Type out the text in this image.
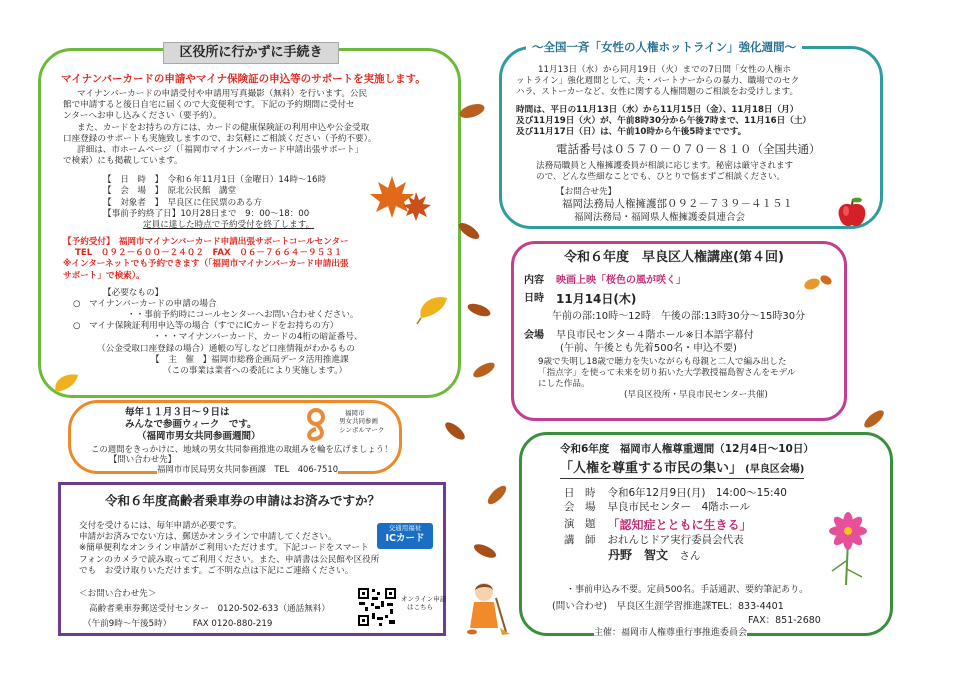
区役所に行かずに手続き
マイナンバーカードの申請やマイナ保険証の申込等のサポートを実施します。
マイナンバーカードの申請受付や申請用写真撮影（無料）を行います。公民
館で申請すると後日自宅に届くので大変便利です。下記の予約期間に受付セ
ンターへお申し込みください（要予約）。
また、カードをお持ちの方には、カードの健康保険証の利用申込や公金受取
口座登録のサポートも実施致しますので、お気軽にご相談ください（予約不要）。
詳細は、市ホームページ（「福岡市マイナンバーカード申請出張サポート」
で検索）にも掲載しています。
【　日　時　】　令和６年11月1日（金曜日）14時～16時
【　会　場　】　原北公民館　講堂
【　対象者　】　早良区に住民票のある方
【事前予約終了日】10月28日まで　9：00～18：00
定員に達した時点で予約受付を終了します。
【予約受付】　福岡市マイナンバーカード申請出張サポートコールセンター
TEL　０９２－６００－２４０２　FAX　０６－７６６４－９５３１
※インターネットでも予約できます（「福岡市マイナンバーカード申請出張
サポート」で検索）。
【必要なもの】
○　マイナンバーカードの申請の場合
・・事前予約時にコールセンターへお問い合わせください。
○　マイナ保険証利用申込等の場合（すでにICカードをお持ちの方）
・・・マイナンバーカード、カードの4桁の暗証番号、
（公金受取口座登録の場合）通帳の写しなど口座情報がわかるもの
【　主　催　】福岡市総務企画局データ活用推進課
（この事業は業者への委託により実施します。）
～全国一斉「女性の人権ホットライン」強化週間～
11月13日（水）から同月19日（火）までの7日間「女性の人権ホ
ットライン」強化週間として、夫・パートナーからの暴力、職場でのセク
ハラ、ストーカーなど、女性に関する人権問題のご相談をお受けします。
時間は、平日の11月13日（水）から11月15日（金）、11月18日（月）
及び11月19日（火）が、午前8時30分から午後7時まで、11月16日（土）
及び11月17日（日）は、午前10時から午後5時までです。
電話番号は０５７０－０７０－８１０（全国共通）
法務局職員と人権擁護委員が相談に応じます。秘密は厳守されます
ので、どんな些細なことでも、ひとりで悩まずご相談ください。
【お問合せ先】
福岡法務局人権擁護部０９２－７３９－４１５１
福岡法務局・福岡県人権擁護委員連合会
令和６年度　早良区人権講座(第４回)
内容 映画上映「桜色の風が咲く」
日時 11月14日(木)
午前の部:10時～12時　午後の部:13時30分～15時30分
会場 早良市民センター４階ホール※日本語字幕付
(午前、午後とも先着500名・申込不要)
9歳で失明し18歳で聴力を失いながらも母親と二人で編み出した
「指点字」を使って未来を切り拓いた大学教授福島智さんをモデル
にした作品。
(早良区役所・早良市民センター共催)
令和6年度　福岡市人権尊重週間（12月4日～10日）
「人権を尊重する市民の集い」 (早良区会場)
日　時 令和6年12月9日(月)　14:00～15:40
会　場 早良市民センター　4階ホール
演　題 「認知症とともに生きる」
講　師 おれんじドア実行委員会代表
丹野　智文 さん
・事前申込み不要。定員500名。手話通訳、要約筆記あり。
(問い合わせ)　早良区生涯学習推進課TEL：833-4401
FAX：851-2680
主催：福岡市人権尊重行事推進委員会
毎年１１月３日～９日は
みんなで参画ウィーク　です。
（福岡市男女共同参画週間）
この週間をきっかけに、地域の男女共同参画推進の取組みを輪を広げましょう！
【問い合わせ先】
福岡市市民局男女共同参画課　TEL　406-7510
福岡市
男女共同参画
シンボルマーク
令和６年度高齢者乗車券の申請はお済みですか？
交付を受けるには、毎年申請が必要です。
申請がお済みでない方は、郵送かオンラインで申請してください。
※簡単便利なオンライン申請がご利用いただけます。下記コードをスマート
フォンのカメラで読み取ってご利用ください。また、申請書は公民館や区役所
でも　お受け取りいただけます。ご不明な点は下記にご連絡ください。
＜お問い合わせ先＞
高齢者乗車券郵送受付センター　0120-502-633（通話無料）
（午前9時～午後5時）　　　FAX 0120-880-219
交通用福祉
ICカード
オンライン申請
はこちら
